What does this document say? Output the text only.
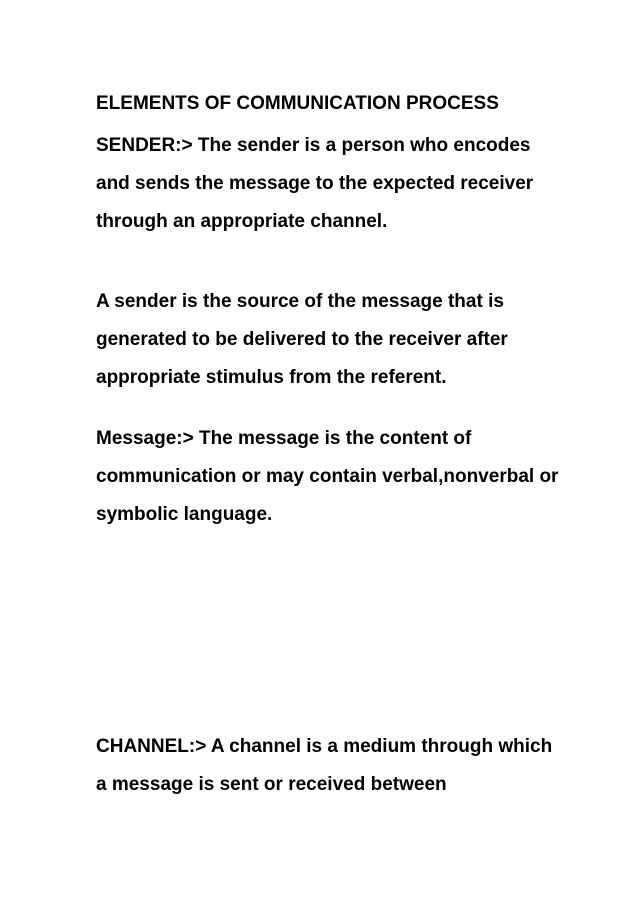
ELEMENTS OF COMMUNICATION PROCESS

SENDER:> The sender is a person who encodes and sends the message to the expected receiver through an appropriate channel.

A sender is the source of the message that is generated to be delivered to the receiver after appropriate stimulus from the referent.

Message:> The message is the content of communication or may contain verbal,nonverbal or symbolic language.

CHANNEL:> A channel is a medium through which a message is sent or received between
